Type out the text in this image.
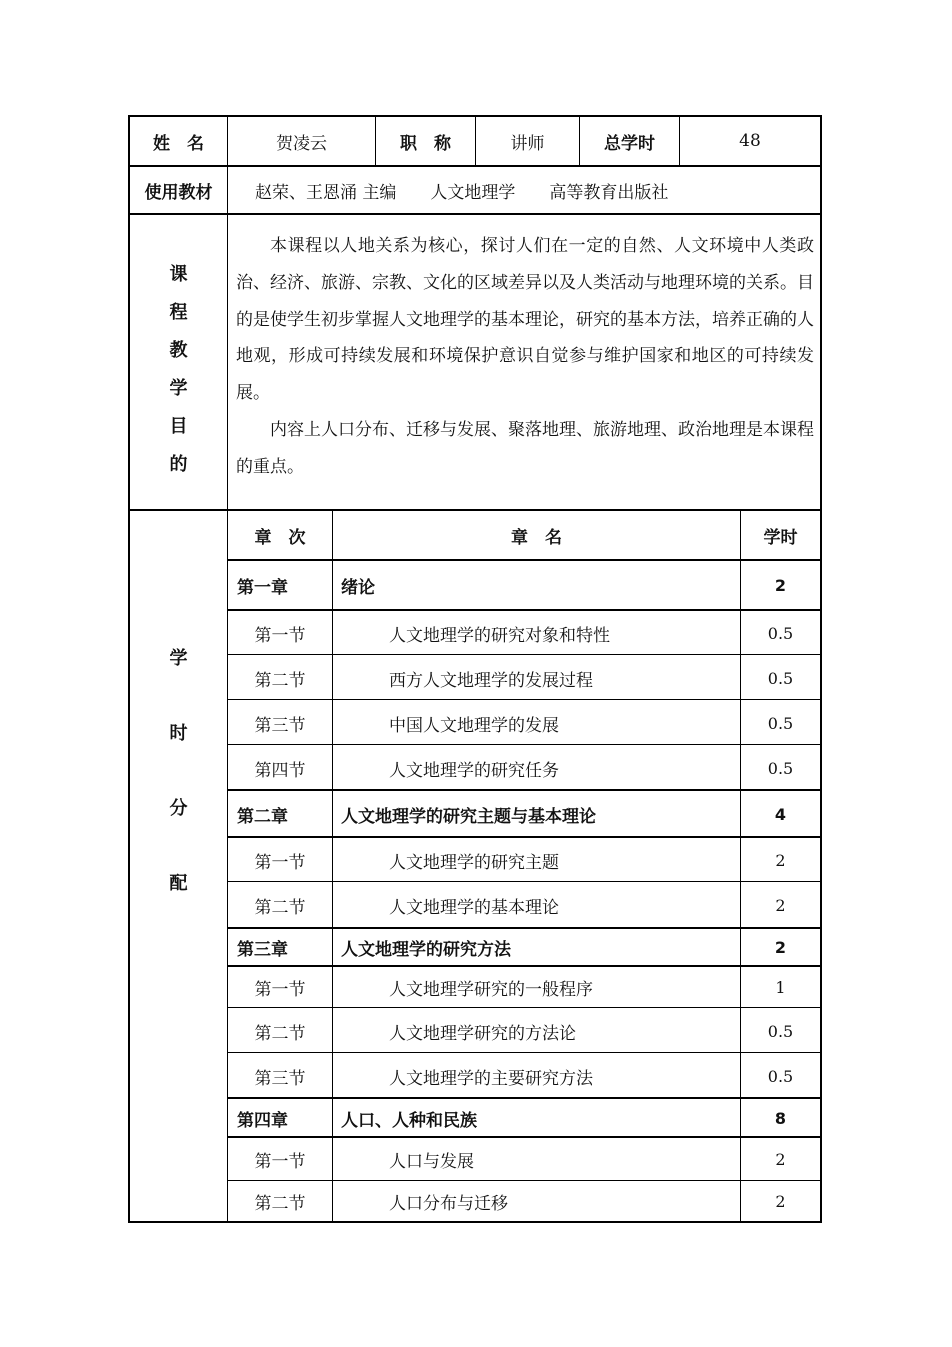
姓　名	贺凌云	职　称	讲师	总学时	48
使用教材	赵荣、王恩涌 主编　　人文地理学　　高等教育出版社
课
程
教
学
目
的

本课程以人地关系为核心，探讨人们在一定的自然、人文环境中人类政治、经济、旅游、宗教、文化的区域差异以及人类活动与地理环境的关系。目的是使学生初步掌握人文地理学的基本理论，研究的基本方法，培养正确的人地观，形成可持续发展和环境保护意识自觉参与维护国家和地区的可持续发展。

内容上人口分布、迁移与发展、聚落地理、旅游地理、政治地理是本课程的重点。

学
时
分
配
章　次	章　名	学时
第一章	绪论	2
第一节	人文地理学的研究对象和特性	0.5
第二节	西方人文地理学的发展过程	0.5
第三节	中国人文地理学的发展	0.5
第四节	人文地理学的研究任务	0.5
第二章	人文地理学的研究主题与基本理论	4
第一节	人文地理学的研究主题	2
第二节	人文地理学的基本理论	2
第三章	人文地理学的研究方法	2
第一节	人文地理学研究的一般程序	1
第二节	人文地理学研究的方法论	0.5
第三节	人文地理学的主要研究方法	0.5
第四章	人口、人种和民族	8
第一节	人口与发展	2
第二节	人口分布与迁移	2
